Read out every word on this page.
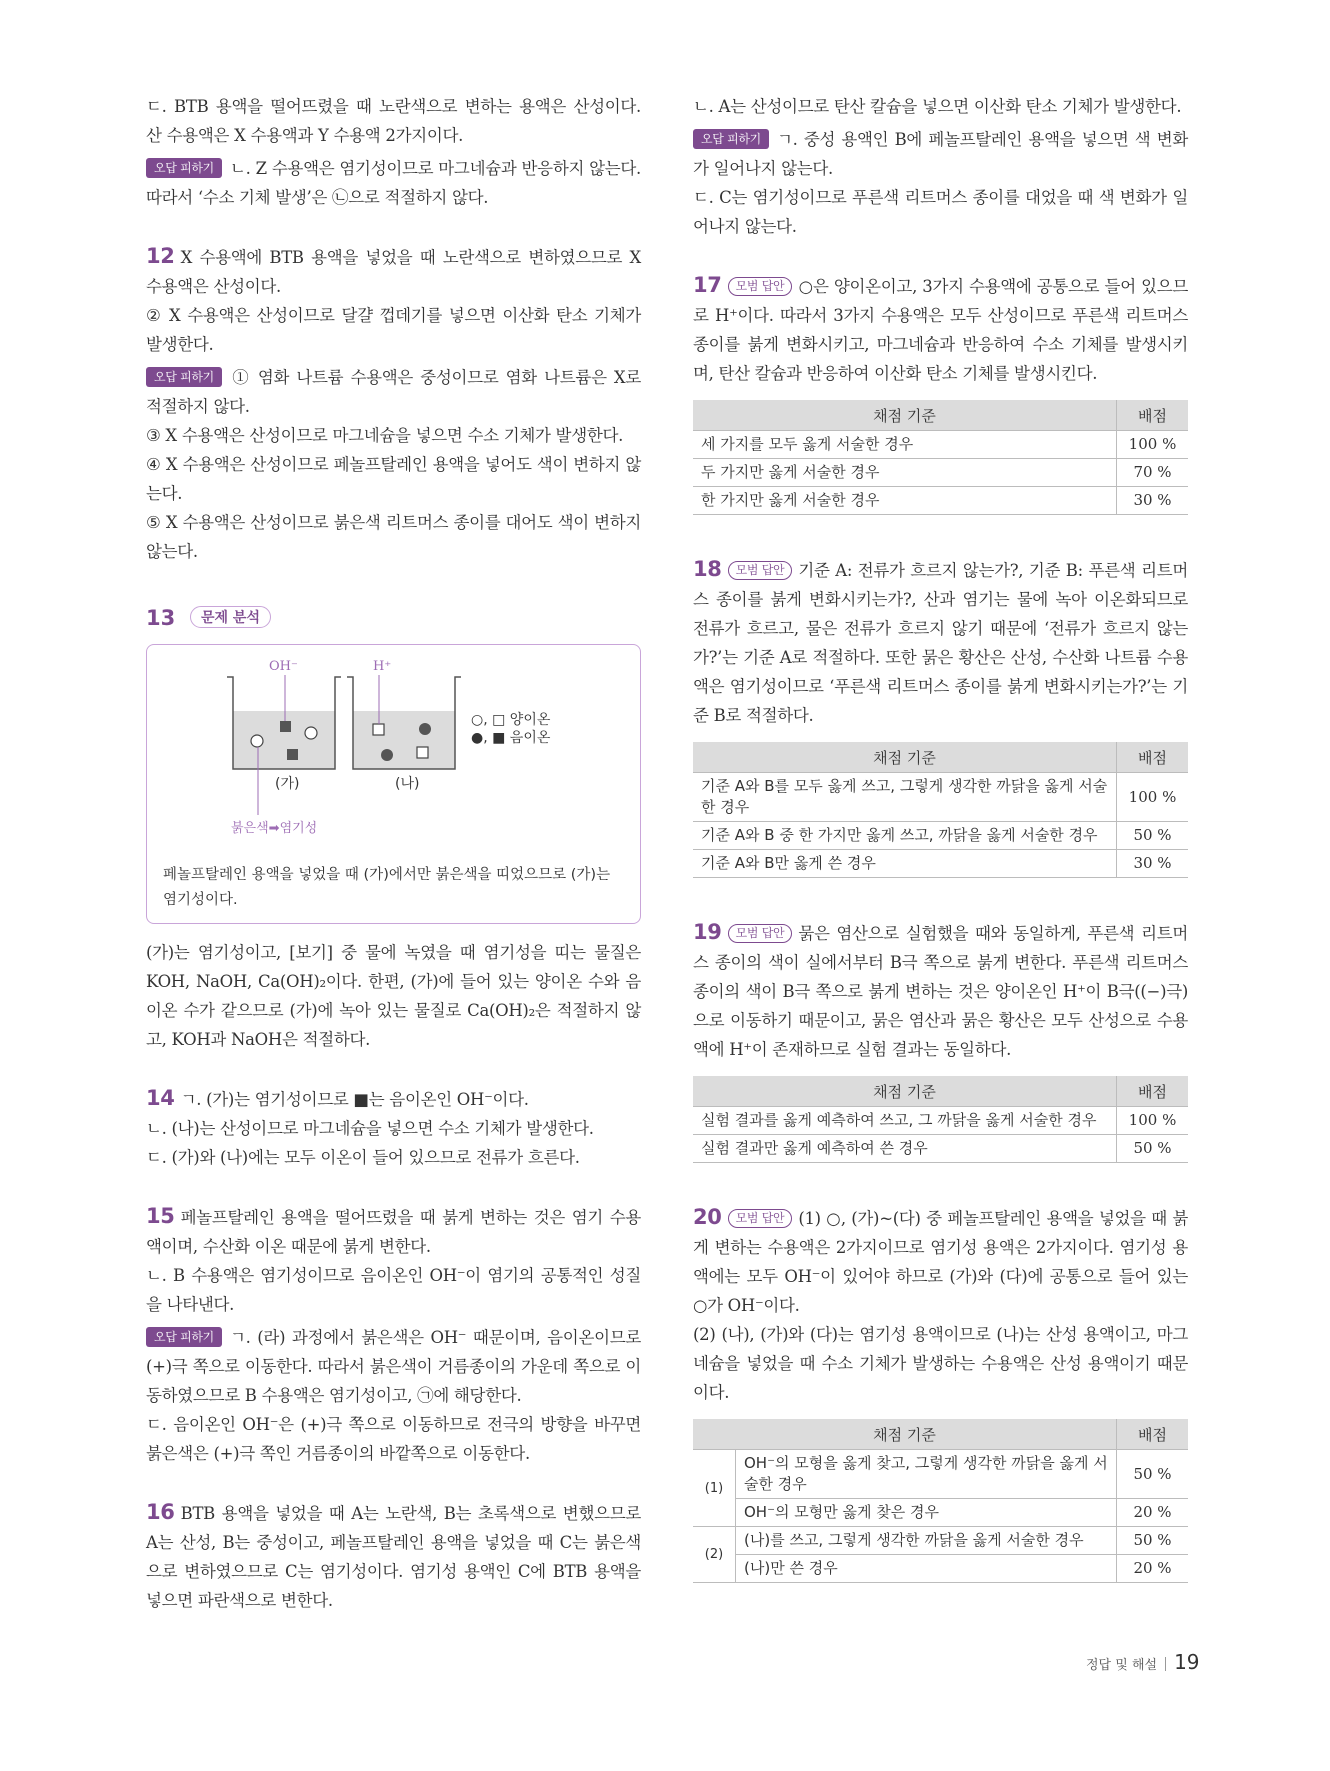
ㄷ. BTB 용액을 떨어뜨렸을 때 노란색으로 변하는 용액은 산성이다. 산 수용액은 X 수용액과 Y 수용액 2가지이다.

오답 피하기 ㄴ. Z 수용액은 염기성이므로 마그네슘과 반응하지 않는다. 따라서 ‘수소 기체 발생’은 ㉡으로 적절하지 않다.

12 X 수용액에 BTB 용액을 넣었을 때 노란색으로 변하였으므로 X 수용액은 산성이다.

② X 수용액은 산성이므로 달걀 껍데기를 넣으면 이산화 탄소 기체가 발생한다.

오답 피하기 ① 염화 나트륨 수용액은 중성이므로 염화 나트륨은 X로 적절하지 않다.

③ X 수용액은 산성이므로 마그네슘을 넣으면 수소 기체가 발생한다.

④ X 수용액은 산성이므로 페놀프탈레인 용액을 넣어도 색이 변하지 않는다.

⑤ X 수용액은 산성이므로 붉은색 리트머스 종이를 대어도 색이 변하지 않는다.

13	문제 분석
OH⁻	H⁺
(가)	(나)
○, □ 양이온
●, ■ 음이온
붉은색➡염기성
페놀프탈레인 용액을 넣었을 때 (가)에서만 붉은색을 띠었으므로 (가)는 염기성이다.

(가)는 염기성이고, [보기] 중 물에 녹였을 때 염기성을 띠는 물질은 KOH, NaOH, Ca(OH)₂이다. 한편, (가)에 들어 있는 양이온 수와 음이온 수가 같으므로 (가)에 녹아 있는 물질로 Ca(OH)₂은 적절하지 않고, KOH과 NaOH은 적절하다.

14 ㄱ. (가)는 염기성이므로 ■는 음이온인 OH⁻이다.

ㄴ. (나)는 산성이므로 마그네슘을 넣으면 수소 기체가 발생한다.

ㄷ. (가)와 (나)에는 모두 이온이 들어 있으므로 전류가 흐른다.

15 페놀프탈레인 용액을 떨어뜨렸을 때 붉게 변하는 것은 염기 수용액이며, 수산화 이온 때문에 붉게 변한다.

ㄴ. B 수용액은 염기성이므로 음이온인 OH⁻이 염기의 공통적인 성질을 나타낸다.

오답 피하기 ㄱ. (라) 과정에서 붉은색은 OH⁻ 때문이며, 음이온이므로 (+)극 쪽으로 이동한다. 따라서 붉은색이 거름종이의 가운데 쪽으로 이동하였으므로 B 수용액은 염기성이고, ㉠에 해당한다.

ㄷ. 음이온인 OH⁻은 (+)극 쪽으로 이동하므로 전극의 방향을 바꾸면 붉은색은 (+)극 쪽인 거름종이의 바깥쪽으로 이동한다.

16 BTB 용액을 넣었을 때 A는 노란색, B는 초록색으로 변했으므로 A는 산성, B는 중성이고, 페놀프탈레인 용액을 넣었을 때 C는 붉은색으로 변하였으므로 C는 염기성이다. 염기성 용액인 C에 BTB 용액을 넣으면 파란색으로 변한다.

ㄴ. A는 산성이므로 탄산 칼슘을 넣으면 이산화 탄소 기체가 발생한다.

오답 피하기 ㄱ. 중성 용액인 B에 페놀프탈레인 용액을 넣으면 색 변화가 일어나지 않는다.

ㄷ. C는 염기성이므로 푸른색 리트머스 종이를 대었을 때 색 변화가 일어나지 않는다.

17 모범 답안 ○은 양이온이고, 3가지 수용액에 공통으로 들어 있으므로 H⁺이다. 따라서 3가지 수용액은 모두 산성이므로 푸른색 리트머스 종이를 붉게 변화시키고, 마그네슘과 반응하여 수소 기체를 발생시키며, 탄산 칼슘과 반응하여 이산화 탄소 기체를 발생시킨다.

채점 기준	배점
세 가지를 모두 옳게 서술한 경우	100 %
두 가지만 옳게 서술한 경우	70 %
한 가지만 옳게 서술한 경우	30 %

18 모범 답안 기준 A: 전류가 흐르지 않는가?, 기준 B: 푸른색 리트머스 종이를 붉게 변화시키는가?, 산과 염기는 물에 녹아 이온화되므로 전류가 흐르고, 물은 전류가 흐르지 않기 때문에 ‘전류가 흐르지 않는가?’는 기준 A로 적절하다. 또한 묽은 황산은 산성, 수산화 나트륨 수용액은 염기성이므로 ‘푸른색 리트머스 종이를 붉게 변화시키는가?’는 기준 B로 적절하다.

채점 기준	배점
기준 A와 B를 모두 옳게 쓰고, 그렇게 생각한 까닭을 옳게 서술한 경우	100 %
기준 A와 B 중 한 가지만 옳게 쓰고, 까닭을 옳게 서술한 경우	50 %
기준 A와 B만 옳게 쓴 경우	30 %

19 모범 답안 묽은 염산으로 실험했을 때와 동일하게, 푸른색 리트머스 종이의 색이 실에서부터 B극 쪽으로 붉게 변한다. 푸른색 리트머스 종이의 색이 B극 쪽으로 붉게 변하는 것은 양이온인 H⁺이 B극((−)극)으로 이동하기 때문이고, 묽은 염산과 묽은 황산은 모두 산성으로 수용액에 H⁺이 존재하므로 실험 결과는 동일하다.

채점 기준	배점
실험 결과를 옳게 예측하여 쓰고, 그 까닭을 옳게 서술한 경우	100 %
실험 결과만 옳게 예측하여 쓴 경우	50 %

20 모범 답안 (1) ○, (가)~(다) 중 페놀프탈레인 용액을 넣었을 때 붉게 변하는 수용액은 2가지이므로 염기성 용액은 2가지이다. 염기성 용액에는 모두 OH⁻이 있어야 하므로 (가)와 (다)에 공통으로 들어 있는 ○가 OH⁻이다.

(2) (나), (가)와 (다)는 염기성 용액이므로 (나)는 산성 용액이고, 마그네슘을 넣었을 때 수소 기체가 발생하는 수용액은 산성 용액이기 때문이다.

채점 기준		배점
(1)	OH⁻의 모형을 옳게 찾고, 그렇게 생각한 까닭을 옳게 서술한 경우	50 %
	OH⁻의 모형만 옳게 찾은 경우	20 %
(2)	(나)를 쓰고, 그렇게 생각한 까닭을 옳게 서술한 경우	50 %
	(나)만 쓴 경우	20 %
정답 및 해설 19
